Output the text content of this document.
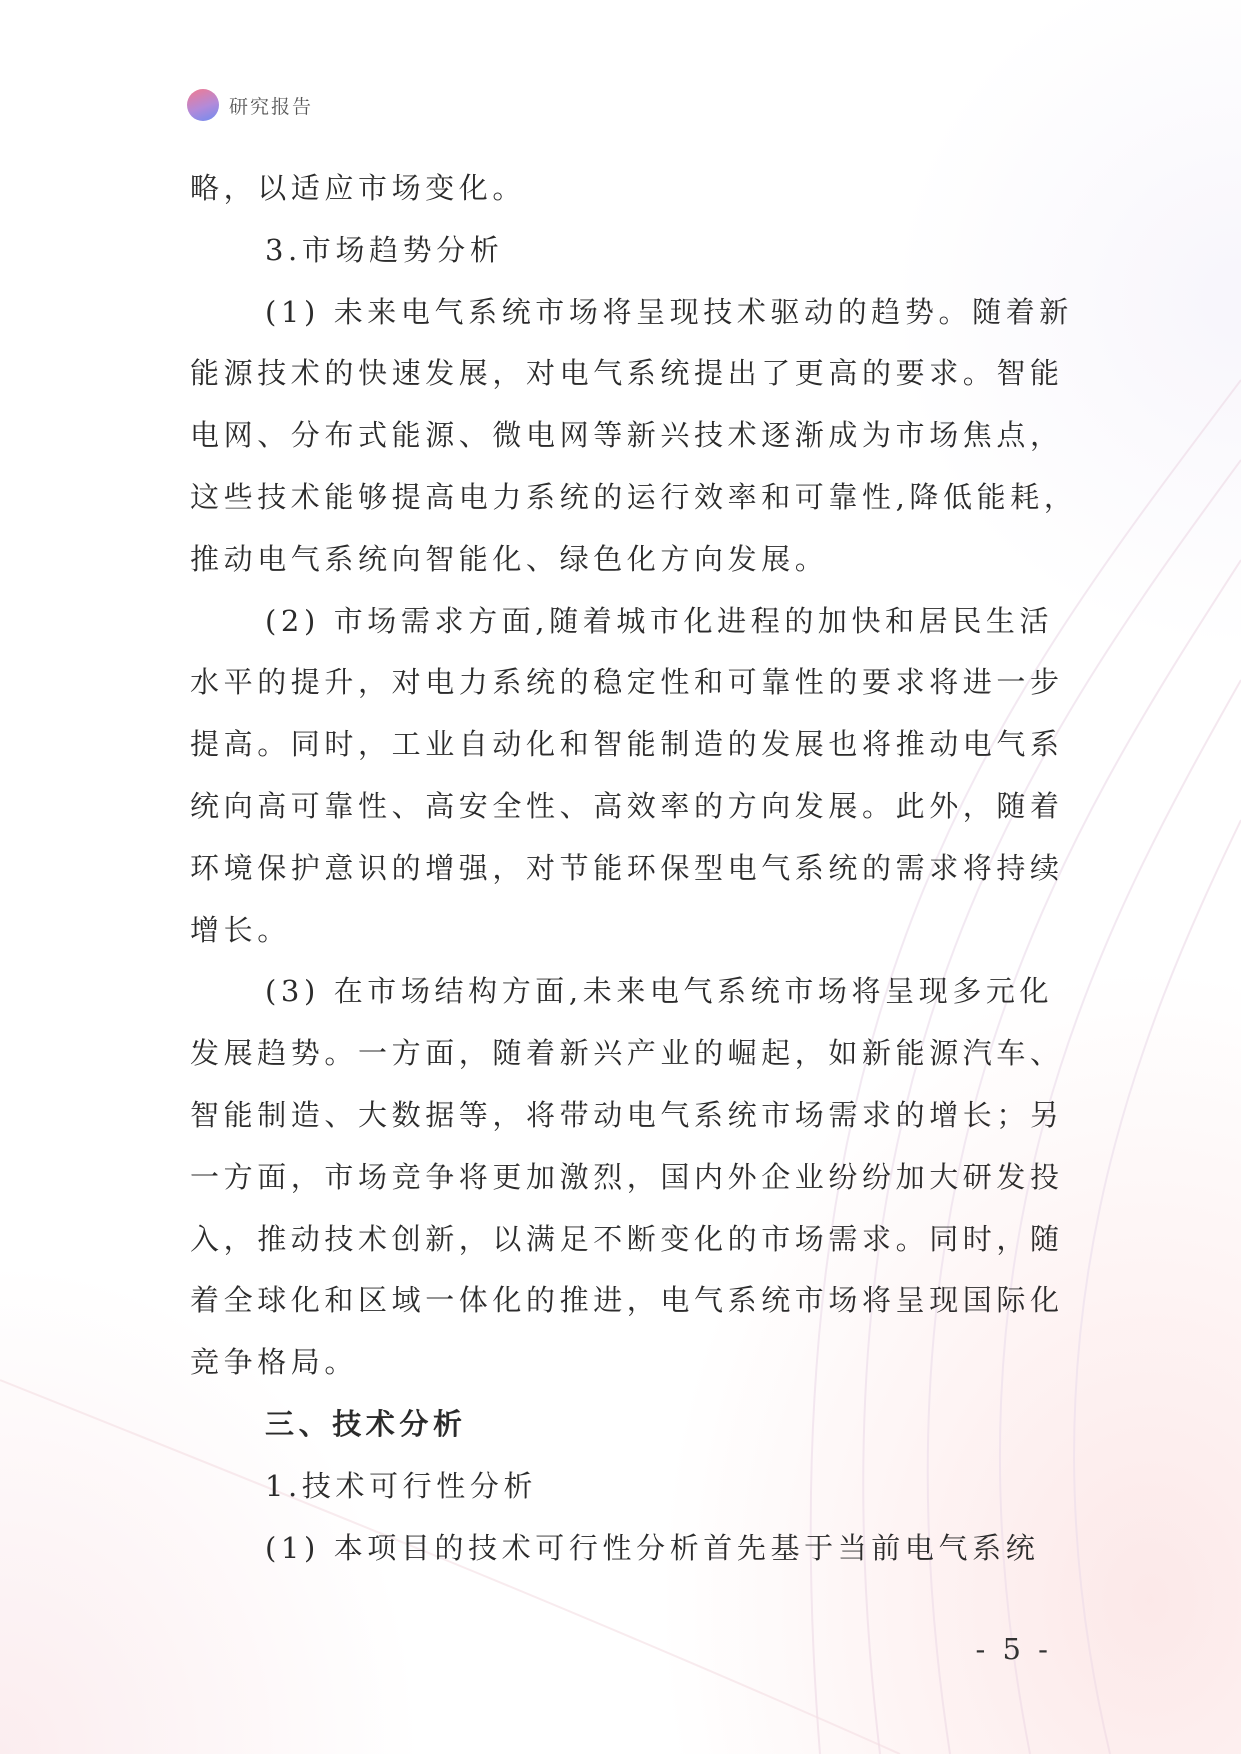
研究报告
略，以适应市场变化。
3.市场趋势分析
(1) 未来电气系统市场将呈现技术驱动的趋势。随着新
能源技术的快速发展，对电气系统提出了更高的要求。智能
电网、分布式能源、微电网等新兴技术逐渐成为市场焦点，
这些技术能够提高电力系统的运行效率和可靠性,降低能耗，
推动电气系统向智能化、绿色化方向发展。
(2) 市场需求方面,随着城市化进程的加快和居民生活
水平的提升，对电力系统的稳定性和可靠性的要求将进一步
提高。同时，工业自动化和智能制造的发展也将推动电气系
统向高可靠性、高安全性、高效率的方向发展。此外，随着
环境保护意识的增强，对节能环保型电气系统的需求将持续
增长。
(3) 在市场结构方面,未来电气系统市场将呈现多元化
发展趋势。一方面，随着新兴产业的崛起，如新能源汽车、
智能制造、大数据等，将带动电气系统市场需求的增长；另
一方面，市场竞争将更加激烈，国内外企业纷纷加大研发投
入，推动技术创新，以满足不断变化的市场需求。同时，随
着全球化和区域一体化的推进，电气系统市场将呈现国际化
竞争格局。
三、技术分析
1.技术可行性分析
(1) 本项目的技术可行性分析首先基于当前电气系统
- 5 -
